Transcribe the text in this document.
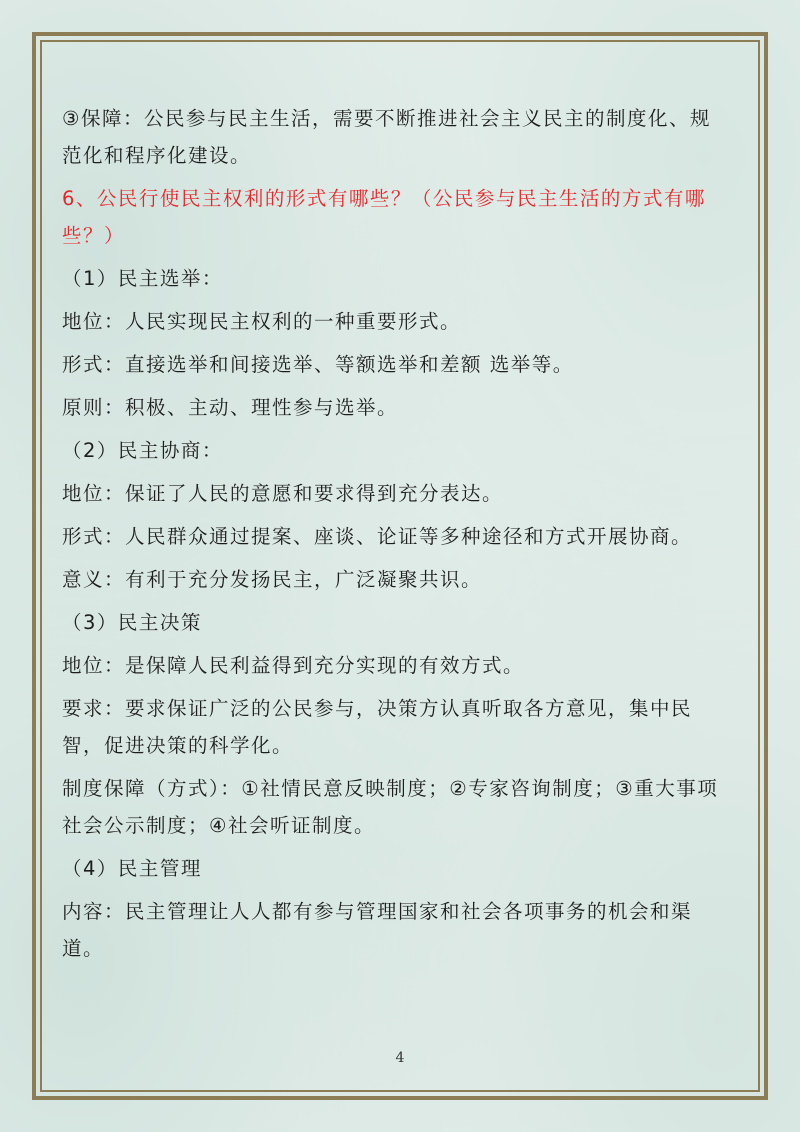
③保障：公民参与民主生活，需要不断推进社会主义民主的制度化、规范化和程序化建设。

6、公民行使民主权利的形式有哪些？（公民参与民主生活的方式有哪些？）

（1）民主选举：

地位：人民实现民主权利的一种重要形式。

形式：直接选举和间接选举、等额选举和差额 选举等。

原则：积极、主动、理性参与选举。

（2）民主协商：

地位：保证了人民的意愿和要求得到充分表达。

形式：人民群众通过提案、座谈、论证等多种途径和方式开展协商。

意义：有利于充分发扬民主，广泛凝聚共识。

（3）民主决策

地位：是保障人民利益得到充分实现的有效方式。

要求：要求保证广泛的公民参与，决策方认真听取各方意见，集中民智，促进决策的科学化。

制度保障（方式）：①社情民意反映制度；②专家咨询制度；③重大事项社会公示制度；④社会听证制度。

（4）民主管理

内容：民主管理让人人都有参与管理国家和社会各项事务的机会和渠道。

4
